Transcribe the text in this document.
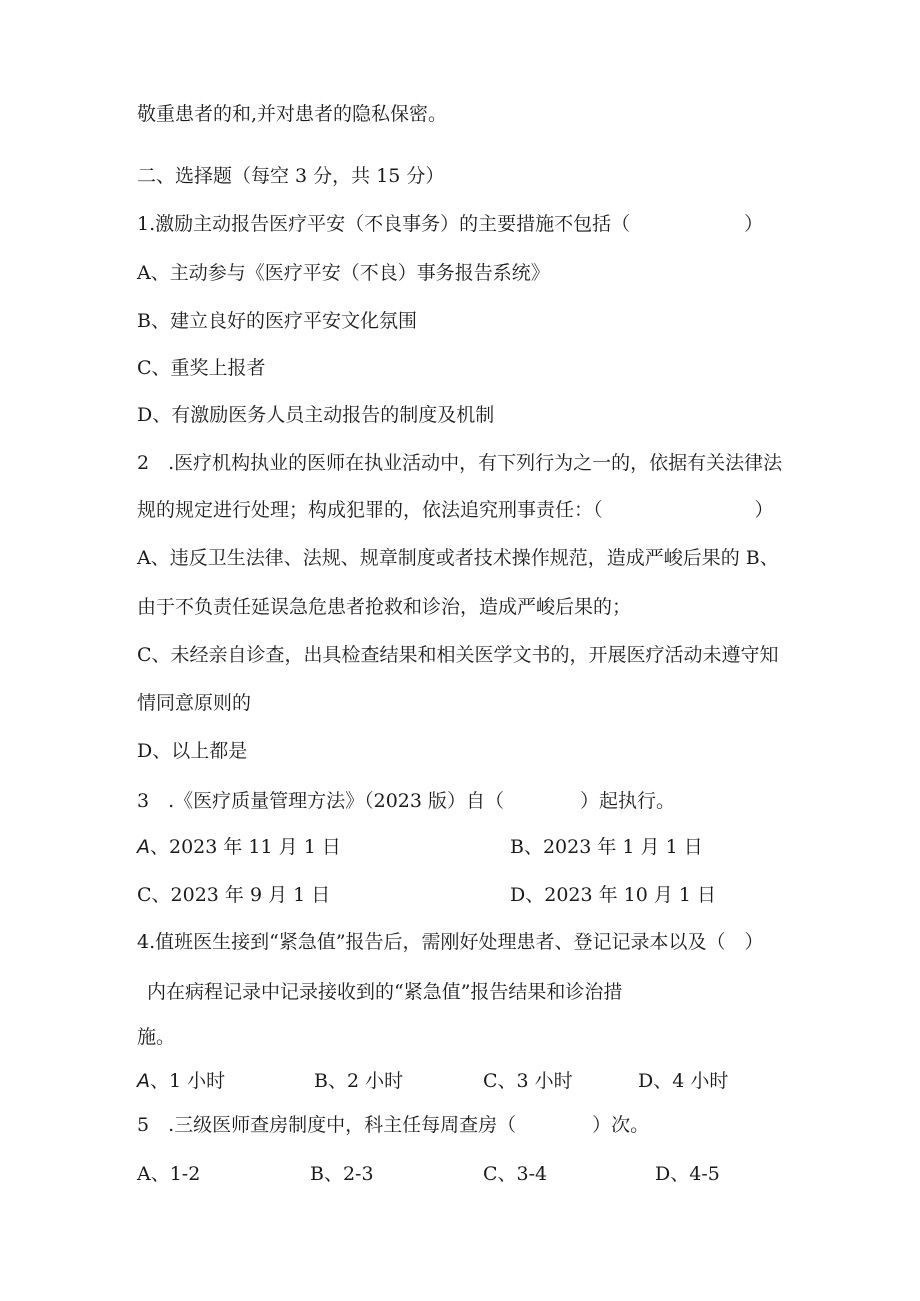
敬重患者的和,并对患者的隐私保密。
二、选择题（每空 3 分，共 15 分）
1.激励主动报告医疗平安（不良事务）的主要措施不包括（　　　　　　）
A、主动参与《医疗平安（不良）事务报告系统》
B、建立良好的医疗平安文化氛围
C、重奖上报者
D、有激励医务人员主动报告的制度及机制
2　.医疗机构执业的医师在执业活动中，有下列行为之一的，依据有关法律法
规的规定进行处理；构成犯罪的，依法追究刑事责任：（　　　　　　　　）
A、违反卫生法律、法规、规章制度或者技术操作规范，造成严峻后果的 B、
由于不负责任延误急危患者抢救和诊治，造成严峻后果的；
C、未经亲自诊查，出具检查结果和相关医学文书的，开展医疗活动未遵守知
情同意原则的
D、以上都是
3　.《医疗质量管理方法》（2023 版）自（　　　　）起执行。
A、2023 年 11 月 1 日	B、2023 年 1 月 1 日
C、2023 年 9 月 1 日	D、2023 年 10 月 1 日
4.值班医生接到“紧急值”报告后，需刚好处理患者、登记记录本以及（　）
内在病程记录中记录接收到的“紧急值”报告结果和诊治措
施。
A、1 小时	B、2 小时	C、3 小时	D、4 小时
5　.三级医师查房制度中，科主任每周查房（　　　　）次。
A、1-2	B、2-3	C、3-4	D、4-5
